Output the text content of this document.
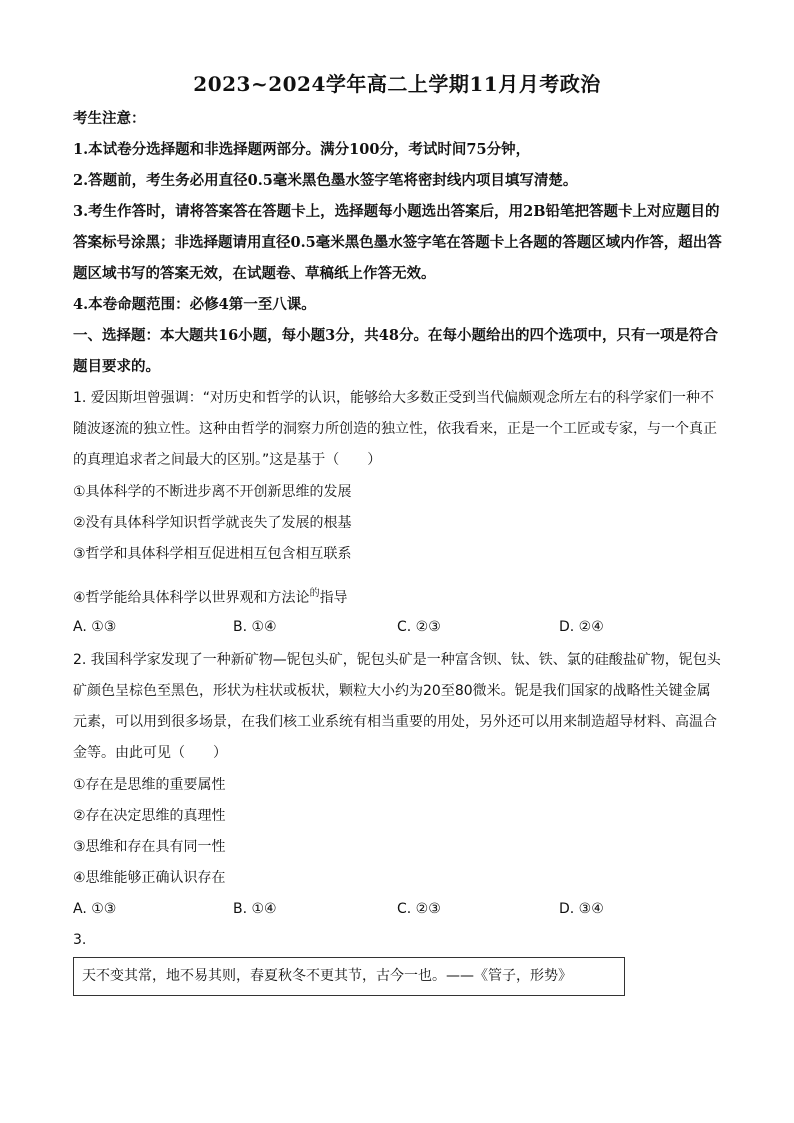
2023~2024学年高二上学期11月月考政治
考生注意：
1.本试卷分选择题和非选择题两部分。满分100分，考试时间75分钟，
2.答题前，考生务必用直径0.5毫米黑色墨水签字笔将密封线内项目填写清楚。
3.考生作答时，请将答案答在答题卡上，选择题每小题选出答案后，用2B铅笔把答题卡上对应题目的答案标号涂黑；非选择题请用直径0.5毫米黑色墨水签字笔在答题卡上各题的答题区域内作答，超出答题区域书写的答案无效，在试题卷、草稿纸上作答无效。
4.本卷命题范围：必修4第一至八课。
一、选择题：本大题共16小题，每小题3分，共48分。在每小题给出的四个选项中，只有一项是符合题目要求的。
1. 爱因斯坦曾强调：“对历史和哲学的认识，能够给大多数正受到当代偏颇观念所左右的科学家们一种不随波逐流的独立性。这种由哲学的洞察力所创造的独立性，依我看来，正是一个工匠或专家，与一个真正的真理追求者之间最大的区别。”这是基于（　　）
①具体科学的不断进步离不开创新思维的发展
②没有具体科学知识哲学就丧失了发展的根基
③哲学和具体科学相互促进相互包含相互联系
④哲学能给具体科学以世界观和方法论$^的$指导
A. ①③	B. ①④	C. ②③	D. ②④
2. 我国科学家发现了一种新矿物—铌包头矿，铌包头矿是一种富含钡、钛、铁、氯的硅酸盐矿物，铌包头矿颜色呈棕色至黑色，形状为柱状或板状，颗粒大小约为20至80微米。铌是我们国家的战略性关键金属元素，可以用到很多场景，在我们核工业系统有相当重要的用处，另外还可以用来制造超导材料、高温合金等。由此可见（　　）
①存在是思维的重要属性
②存在决定思维的真理性
③思维和存在具有同一性
④思维能够正确认识存在
A. ①③	B. ①④	C. ②③	D. ③④
3.
天不变其常，地不易其则，春夏秋冬不更其节，古今一也。——《管子，形势》
